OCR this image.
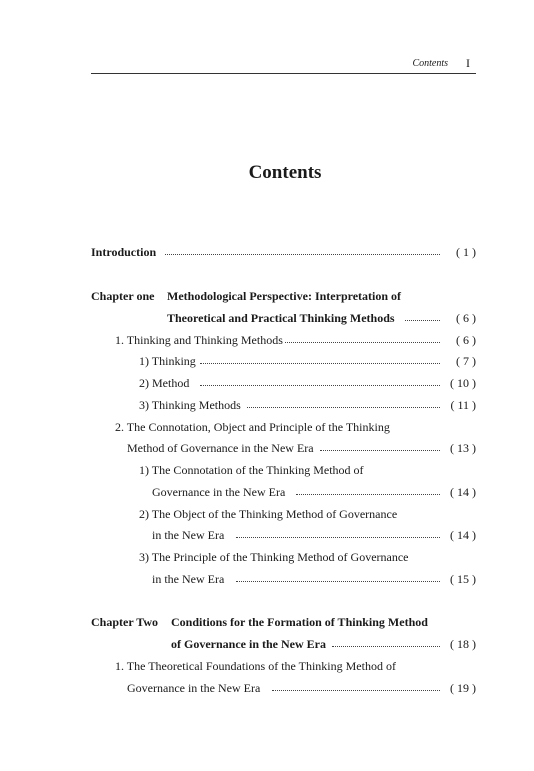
Contents I
Contents
Introduction	( 1 )
Chapter one Methodological Perspective: Interpretation of
Theoretical and Practical Thinking Methods	( 6 )
1. Thinking and Thinking Methods	( 6 )
1) Thinking	( 7 )
2) Method	( 10 )
3) Thinking Methods	( 11 )
2. The Connotation, Object and Principle of the Thinking
Method of Governance in the New Era	( 13 )
1) The Connotation of the Thinking Method of
Governance in the New Era	( 14 )
2) The Object of the Thinking Method of Governance
in the New Era	( 14 )
3) The Principle of the Thinking Method of Governance
in the New Era	( 15 )
Chapter Two Conditions for the Formation of Thinking Method
of Governance in the New Era	( 18 )
1. The Theoretical Foundations of the Thinking Method of
Governance in the New Era	( 19 )
